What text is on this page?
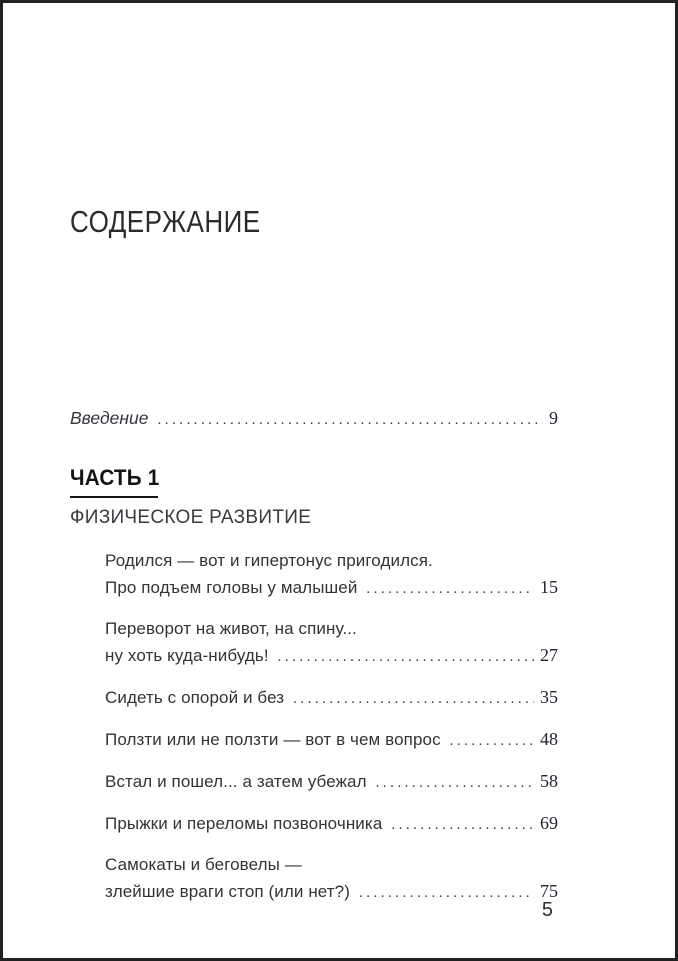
СОДЕРЖАНИЕ
Введение .....	9
ЧАСТЬ 1
ФИЗИЧЕСКОЕ РАЗВИТИЕ
Родился — вот и гипертонус пригодился.
Про подъем головы у малышей .....	15
Переворот на живот, на спину...
ну хоть куда-нибудь! .....	27
Сидеть с опорой и без .....	35
Ползти или не ползти — вот в чем вопрос .....	48
Встал и пошел... а затем убежал .....	58
Прыжки и переломы позвоночника .....	69
Самокаты и беговелы —
злейшие враги стоп (или нет?) .....	75
5
